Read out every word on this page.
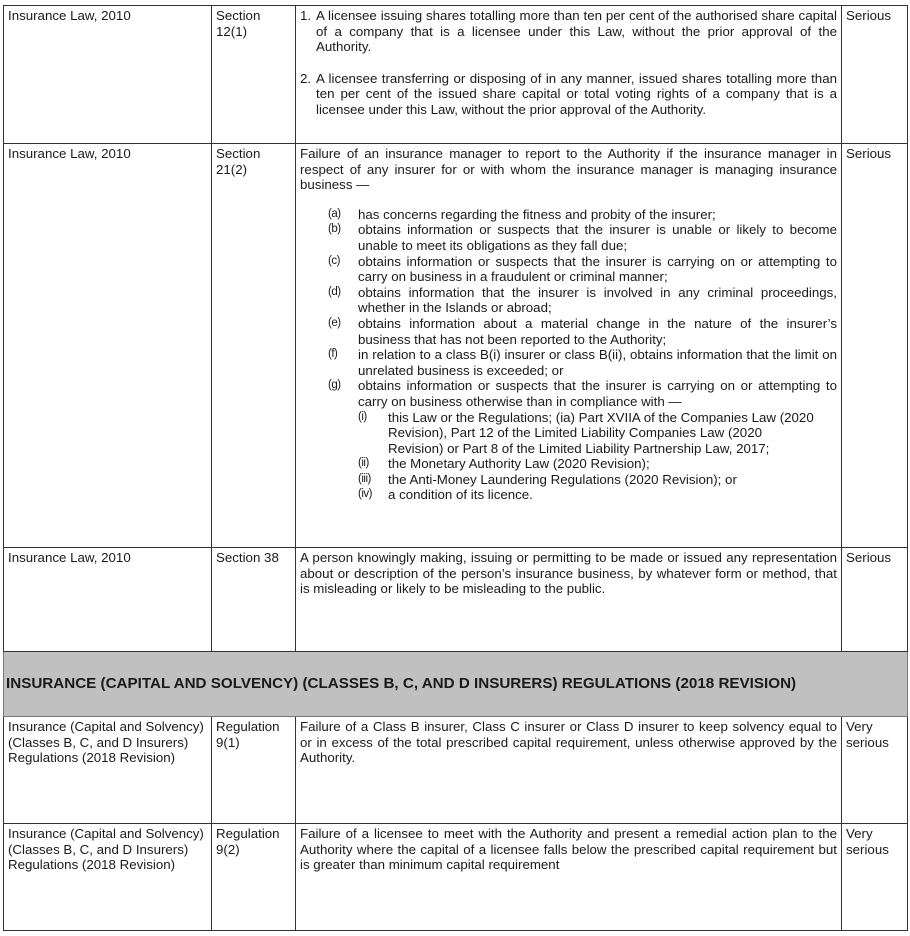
Insurance Law, 2010	Section 12(1)	
1. A licensee issuing shares totalling more than ten per cent of the authorised share capital of a company that is a licensee under this Law, without the prior approval of the Authority.
2. A licensee transferring or disposing of in any manner, issued shares totalling more than ten per cent of the issued share capital or total voting rights of a company that is a licensee under this Law, without the prior approval of the Authority.
	Serious
Insurance Law, 2010	Section 21(2)	
Failure of an insurance manager to report to the Authority if the insurance manager in respect of any insurer for or with whom the insurance manager is managing insurance business —
(a)	has concerns regarding the fitness and probity of the insurer;
(b)	obtains information or suspects that the insurer is unable or likely to become unable to meet its obligations as they fall due;
(c)	obtains information or suspects that the insurer is carrying on or attempting to carry on business in a fraudulent or criminal manner;
(d)	obtains information that the insurer is involved in any criminal proceedings, whether in the Islands or abroad;
(e)	obtains information about a material change in the nature of the insurer’s business that has not been reported to the Authority;
(f)	in relation to a class B(i) insurer or class B(ii), obtains information that the limit on unrelated business is exceeded; or
(g)	obtains information or suspects that the insurer is carrying on or attempting to carry on business otherwise than in compliance with —
(i)	this Law or the Regulations; (ia) Part XVIIA of the Companies Law (2020 Revision), Part 12 of the Limited Liability Companies Law (2020 Revision) or Part 8 of the Limited Liability Partnership Law, 2017;
(ii)	the Monetary Authority Law (2020 Revision);
(iii)	the Anti-Money Laundering Regulations (2020 Revision); or
(iv)	a condition of its licence.
	Serious
Insurance Law, 2010	Section 38	A person knowingly making, issuing or permitting to be made or issued any representation about or description of the person’s insurance business, by whatever form or method, that is misleading or likely to be misleading to the public.	Serious
INSURANCE (CAPITAL AND SOLVENCY) (CLASSES B, C, AND D INSURERS) REGULATIONS (2018 REVISION)			
Insurance (Capital and Solvency) (Classes B, C, and D Insurers) Regulations (2018 Revision)	Regulation 9(1)	Failure of a Class B insurer, Class C insurer or Class D insurer to keep solvency equal to or in excess of the total prescribed capital requirement, unless otherwise approved by the Authority.	Very serious
Insurance (Capital and Solvency) (Classes B, C, and D Insurers) Regulations (2018 Revision)	Regulation 9(2)	Failure of a licensee to meet with the Authority and present a remedial action plan to the Authority where the capital of a licensee falls below the prescribed capital requirement but is greater than minimum capital requirement	Very serious
